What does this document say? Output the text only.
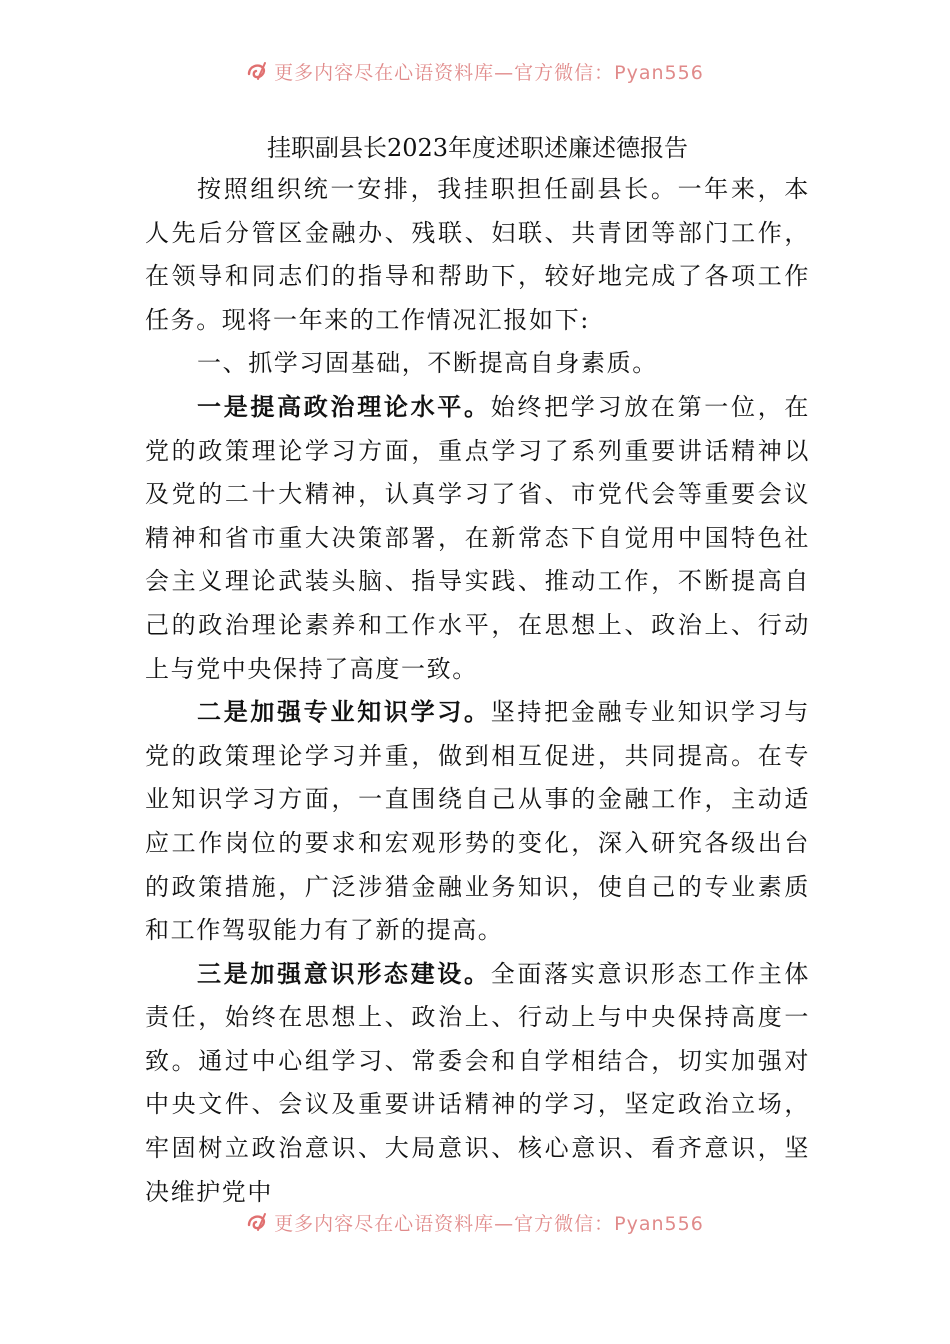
更多内容尽在心语资料库—官方微信：Pyan556
挂职副县长2023年度述职述廉述德报告

按照组织统一安排，我挂职担任副县长。一年来，本人先后分管区金融办、残联、妇联、共青团等部门工作，在领导和同志们的指导和帮助下，较好地完成了各项工作任务。现将一年来的工作情况汇报如下:

一、抓学习固基础，不断提高自身素质。

一是提高政治理论水平。始终把学习放在第一位，在党的政策理论学习方面，重点学习了系列重要讲话精神以及党的二十大精神，认真学习了省、市党代会等重要会议精神和省市重大决策部署，在新常态下自觉用中国特色社会主义理论武装头脑、指导实践、推动工作，不断提高自己的政治理论素养和工作水平，在思想上、政治上、行动上与党中央保持了高度一致。

二是加强专业知识学习。坚持把金融专业知识学习与党的政策理论学习并重，做到相互促进，共同提高。在专业知识学习方面，一直围绕自己从事的金融工作，主动适应工作岗位的要求和宏观形势的变化，深入研究各级出台的政策措施，广泛涉猎金融业务知识，使自己的专业素质和工作驾驭能力有了新的提高。

三是加强意识形态建设。全面落实意识形态工作主体责任，始终在思想上、政治上、行动上与中央保持高度一致。通过中心组学习、常委会和自学相结合，切实加强对中央文件、会议及重要讲话精神的学习，坚定政治立场，牢固树立政治意识、大局意识、核心意识、看齐意识，坚决维护党中

更多内容尽在心语资料库—官方微信：Pyan556
